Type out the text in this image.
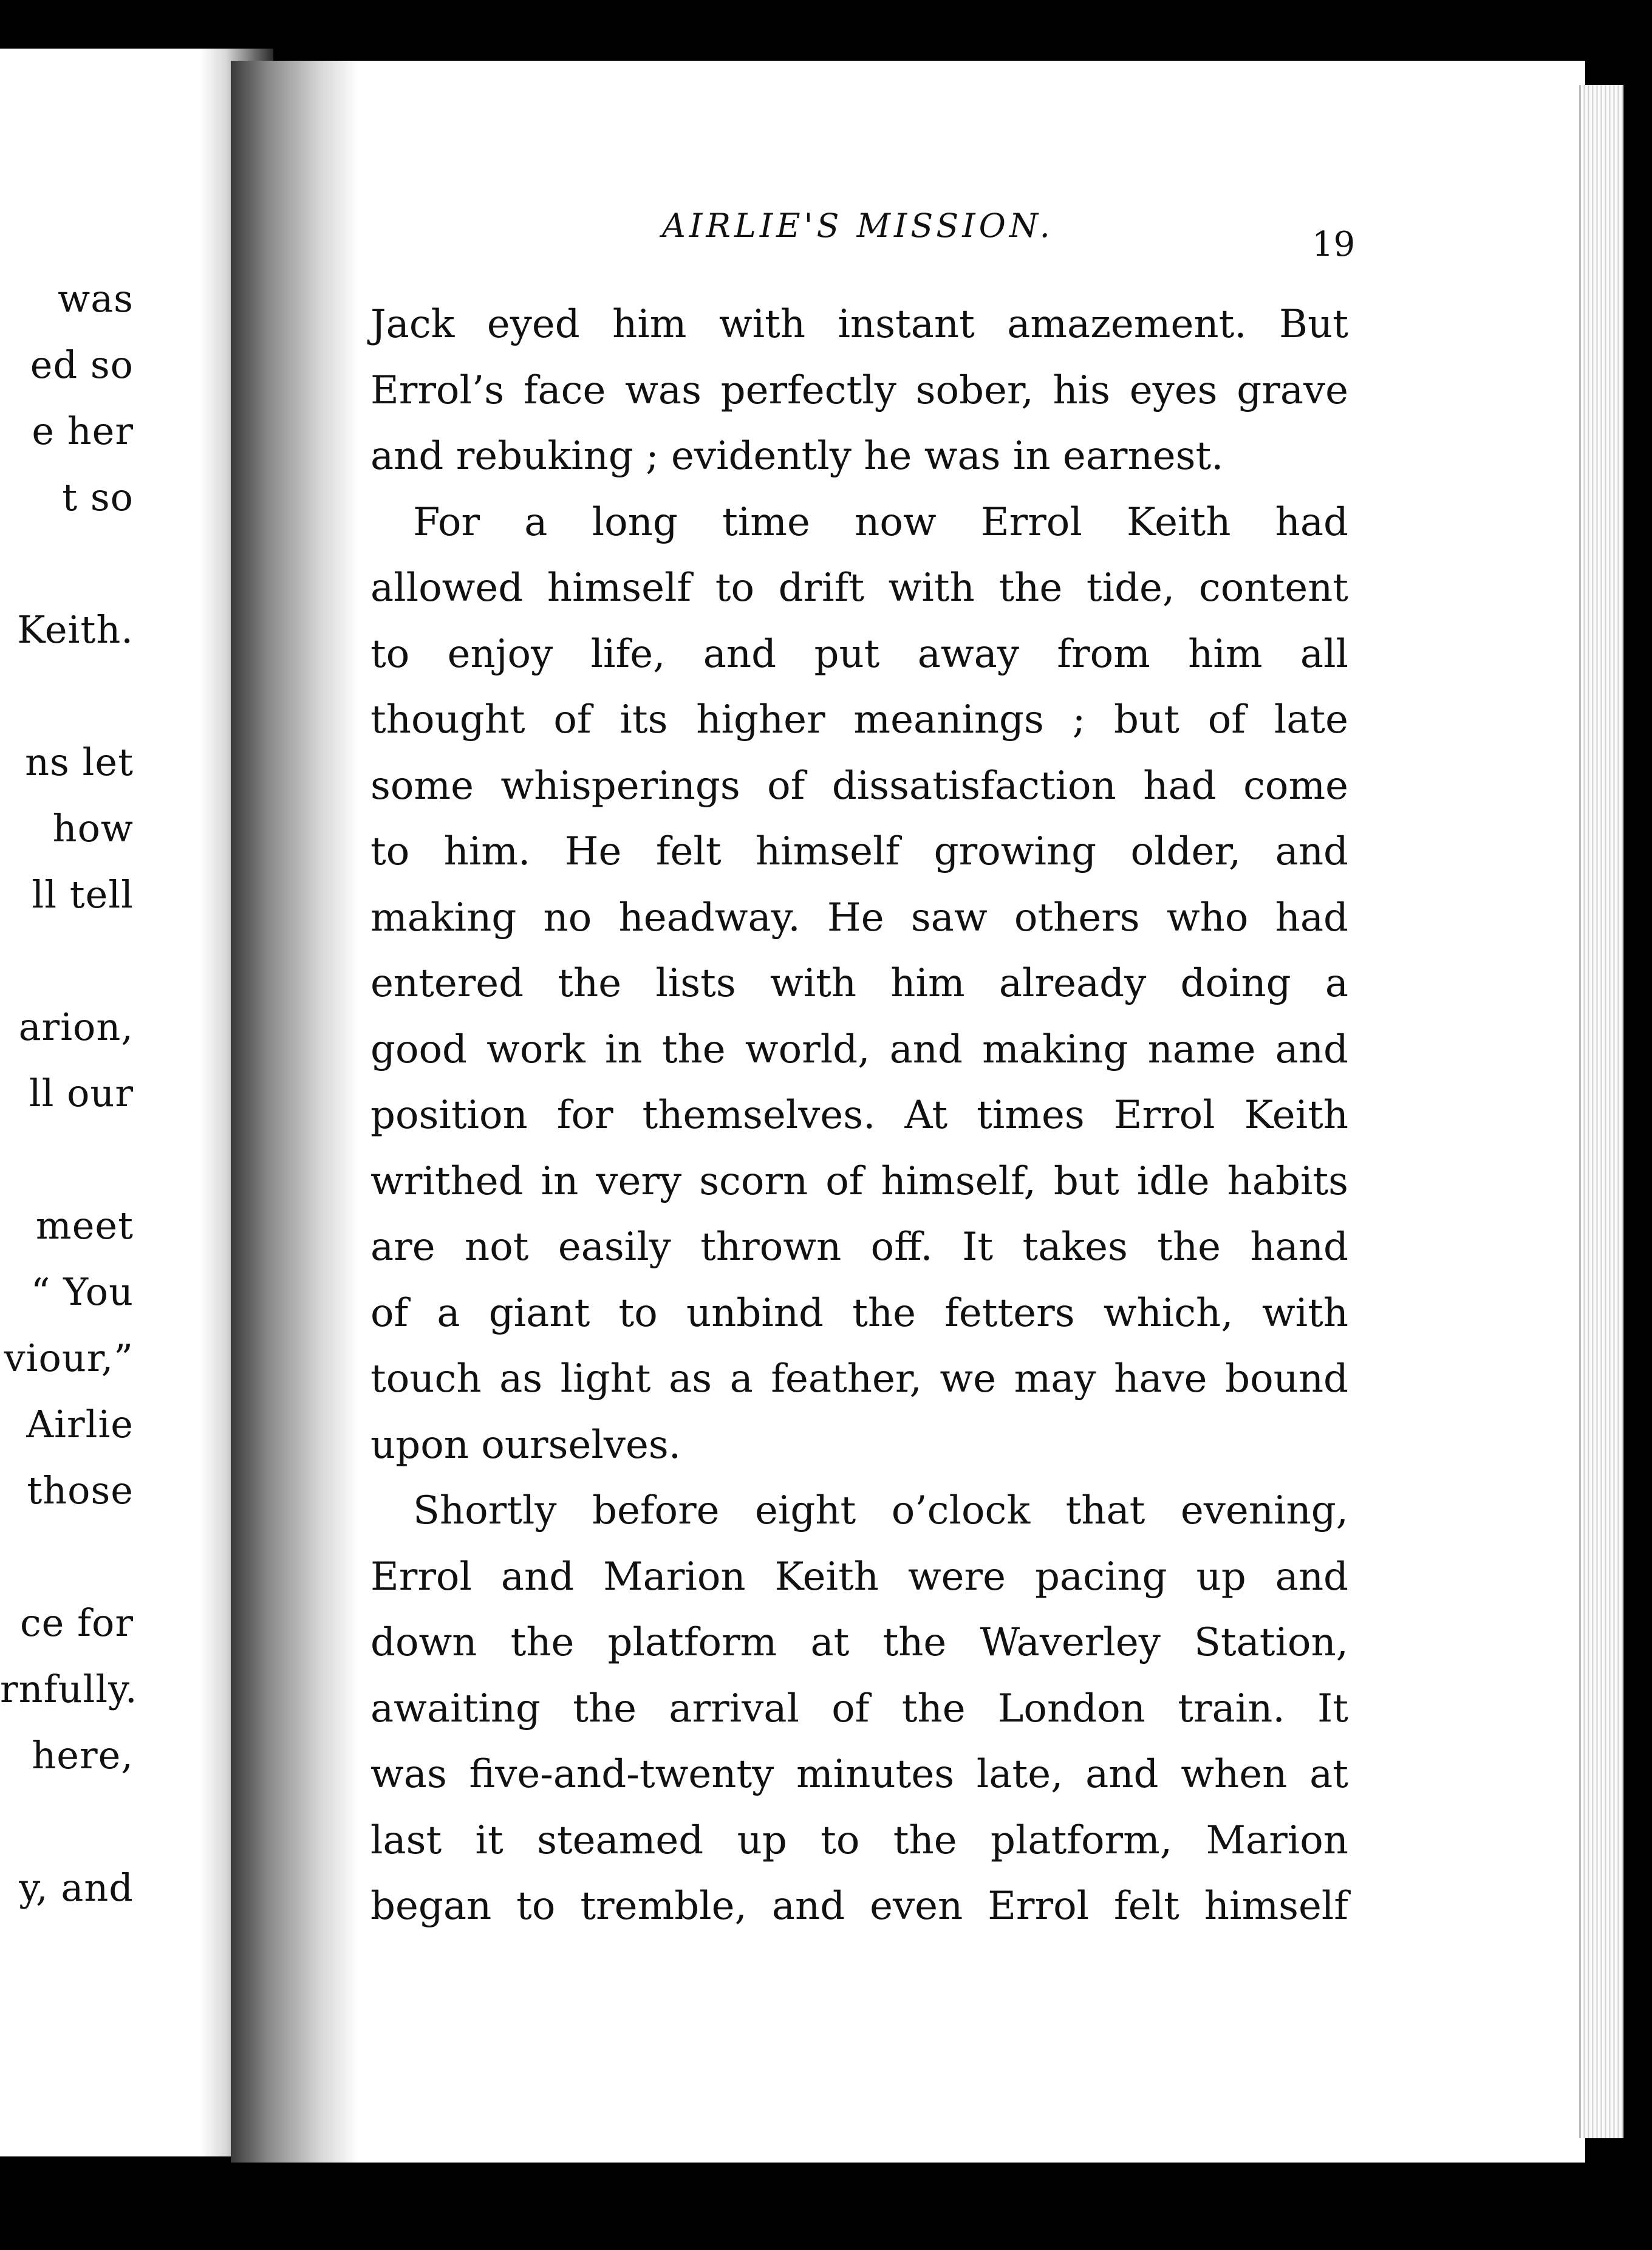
was
ed so
e her
t so
Keith.
ns let
how
ll tell
arion,
ll our
meet
“ You
viour,”
Airlie
those
ce for
rnfully.
here,
y, and
AIRLIE'S MISSION.	19
Jack eyed him with instant amazement. But
Errol’s face was perfectly sober, his eyes grave
and rebuking ; evidently he was in earnest.
For a long time now Errol Keith had
allowed himself to drift with the tide, content
to enjoy life, and put away from him all
thought of its higher meanings ; but of late
some whisperings of dissatisfaction had come
to him. He felt himself growing older, and
making no headway. He saw others who had
entered the lists with him already doing a
good work in the world, and making name and
position for themselves. At times Errol Keith
writhed in very scorn of himself, but idle habits
are not easily thrown off. It takes the hand
of a giant to unbind the fetters which, with
touch as light as a feather, we may have bound
upon ourselves.
Shortly before eight o’clock that evening,
Errol and Marion Keith were pacing up and
down the platform at the Waverley Station,
awaiting the arrival of the London train. It
was five-and-twenty minutes late, and when at
last it steamed up to the platform, Marion
began to tremble, and even Errol felt himself
